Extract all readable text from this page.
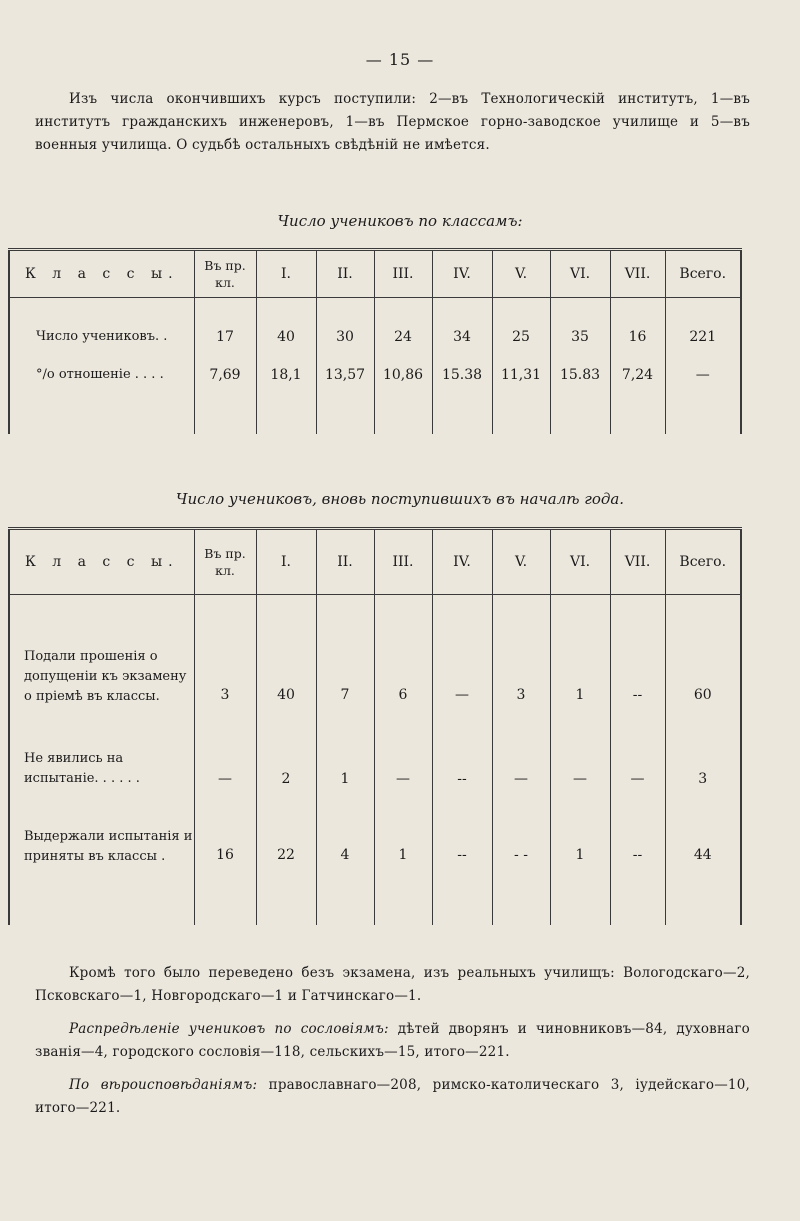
— 15 —
Изъ числа окончившихъ курсъ поступили: 2—въ Технологическій институтъ, 1—въ институтъ гражданскихъ инженеровъ, 1—въ Пермское горно-заводское училище и 5—въ военныя училища. О судьбѣ остальныхъ свѣдѣній не имѣется.
Число учениковъ по классамъ:
К л а с с ы.	Въ пр. кл.	I.	II.	III.	IV.	V.	VI.	VII.	Всего.

Число учениковъ. .	17	40	30	24	34	25	35	16	221
°/о отношеніе . . . .	7,69	18,1	13,57	10,86	15.38	11,31	15.83	7,24	—

Число учениковъ, вновь поступившихъ въ началѣ года.
К л а с с ы.	Въ пр. кл.	I.	II.	III.	IV.	V.	VI.	VII.	Всего.

Подали прошенія о допущеніи къ экзамену о пріемѣ въ классы.	3	40	7	6	—	3	1	--	60
Не явились на испытаніе. . . . . .	—	2	1	—	--	—	—	—	3
Выдержали испытанія и приняты въ классы .	16	22	4	1	--	- -	1	--	44

Кромѣ того было переведено безъ экзамена, изъ реальныхъ училищъ: Вологодскаго—2, Псковскаго—1, Новгородскаго—1 и Гатчинскаго—1.
Распредѣленіе учениковъ по сословіямъ: дѣтей дворянъ и чиновниковъ—84, духовнаго званія—4, городского сословія—118, сельскихъ—15, итого—221.
По вѣроисповѣданіямъ: православнаго—208, римско-католическаго 3, іудейскаго—10, итого—221.
